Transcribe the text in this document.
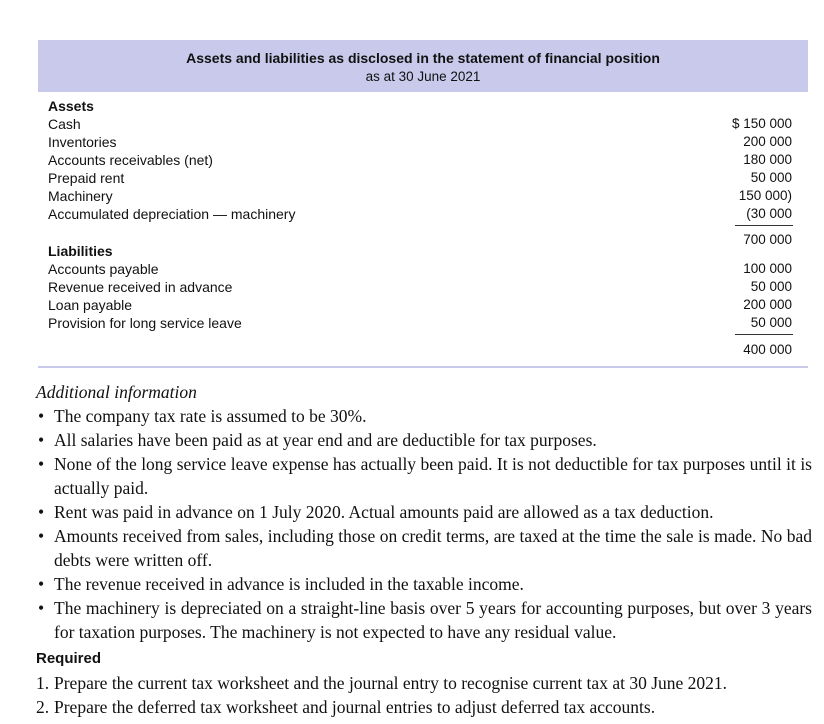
Assets and liabilities as disclosed in the statement of financial position
as at 30 June 2021
Assets
Cash	$ 150 000
Inventories	200 000
Accounts receivables (net)	180 000
Prepaid rent	50 000
Machinery	150 000)
Accumulated depreciation — machinery	(30 000
700 000
Liabilities
Accounts payable	100 000
Revenue received in advance	50 000
Loan payable	200 000
Provision for long service leave	50 000
400 000
Additional information
• The company tax rate is assumed to be 30%.
• All salaries have been paid as at year end and are deductible for tax purposes.
• None of the long service leave expense has actually been paid. It is not deductible for tax purposes until it is actually paid.
• Rent was paid in advance on 1 July 2020. Actual amounts paid are allowed as a tax deduction.
• Amounts received from sales, including those on credit terms, are taxed at the time the sale is made. No bad debts were written off.
• The revenue received in advance is included in the taxable income.
• The machinery is depreciated on a straight-line basis over 5 years for accounting purposes, but over 3 years for taxation purposes. The machinery is not expected to have any residual value.
Required
1. Prepare the current tax worksheet and the journal entry to recognise current tax at 30 June 2021.
2. Prepare the deferred tax worksheet and journal entries to adjust deferred tax accounts.
